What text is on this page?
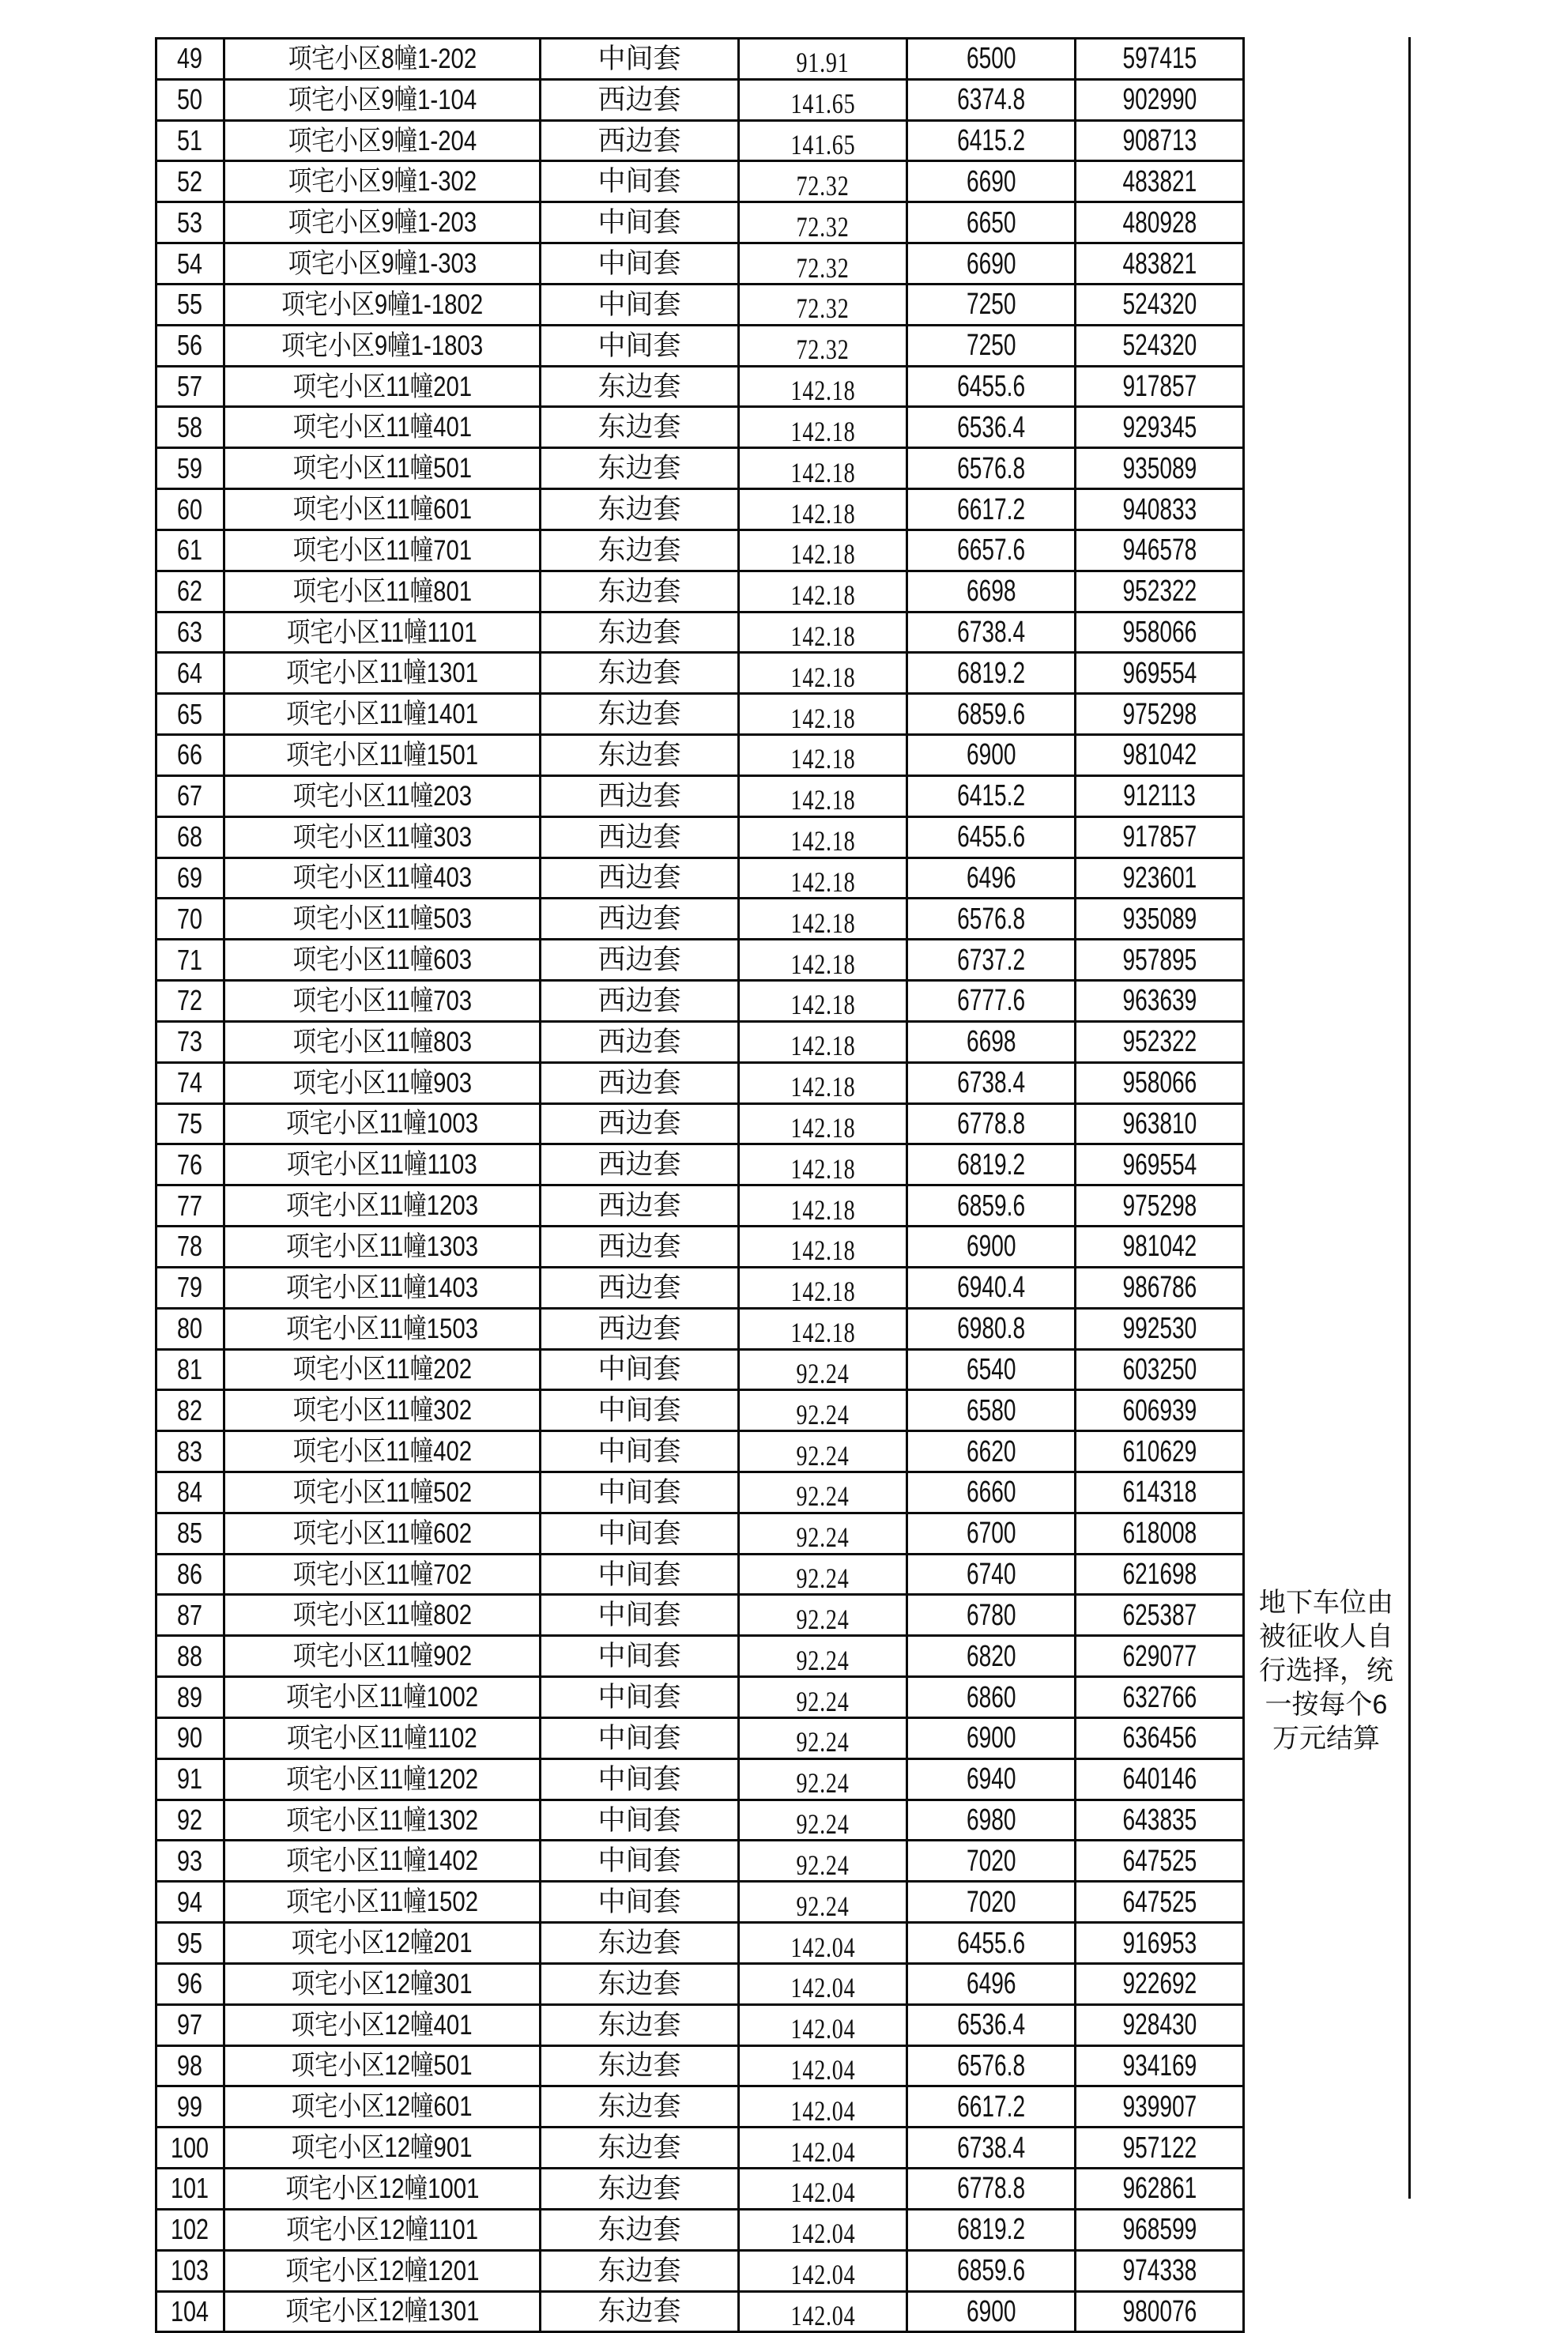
49	项宅小区8幢1-202	中间套	91.91	6500	597415
50	项宅小区9幢1-104	西边套	141.65	6374.8	902990
51	项宅小区9幢1-204	西边套	141.65	6415.2	908713
52	项宅小区9幢1-302	中间套	72.32	6690	483821
53	项宅小区9幢1-203	中间套	72.32	6650	480928
54	项宅小区9幢1-303	中间套	72.32	6690	483821
55	项宅小区9幢1-1802	中间套	72.32	7250	524320
56	项宅小区9幢1-1803	中间套	72.32	7250	524320
57	项宅小区11幢201	东边套	142.18	6455.6	917857
58	项宅小区11幢401	东边套	142.18	6536.4	929345
59	项宅小区11幢501	东边套	142.18	6576.8	935089
60	项宅小区11幢601	东边套	142.18	6617.2	940833
61	项宅小区11幢701	东边套	142.18	6657.6	946578
62	项宅小区11幢801	东边套	142.18	6698	952322
63	项宅小区11幢1101	东边套	142.18	6738.4	958066
64	项宅小区11幢1301	东边套	142.18	6819.2	969554
65	项宅小区11幢1401	东边套	142.18	6859.6	975298
66	项宅小区11幢1501	东边套	142.18	6900	981042
67	项宅小区11幢203	西边套	142.18	6415.2	912113
68	项宅小区11幢303	西边套	142.18	6455.6	917857
69	项宅小区11幢403	西边套	142.18	6496	923601
70	项宅小区11幢503	西边套	142.18	6576.8	935089
71	项宅小区11幢603	西边套	142.18	6737.2	957895
72	项宅小区11幢703	西边套	142.18	6777.6	963639
73	项宅小区11幢803	西边套	142.18	6698	952322
74	项宅小区11幢903	西边套	142.18	6738.4	958066
75	项宅小区11幢1003	西边套	142.18	6778.8	963810
76	项宅小区11幢1103	西边套	142.18	6819.2	969554
77	项宅小区11幢1203	西边套	142.18	6859.6	975298
78	项宅小区11幢1303	西边套	142.18	6900	981042
79	项宅小区11幢1403	西边套	142.18	6940.4	986786
80	项宅小区11幢1503	西边套	142.18	6980.8	992530
81	项宅小区11幢202	中间套	92.24	6540	603250
82	项宅小区11幢302	中间套	92.24	6580	606939
83	项宅小区11幢402	中间套	92.24	6620	610629
84	项宅小区11幢502	中间套	92.24	6660	614318
85	项宅小区11幢602	中间套	92.24	6700	618008
86	项宅小区11幢702	中间套	92.24	6740	621698
87	项宅小区11幢802	中间套	92.24	6780	625387
88	项宅小区11幢902	中间套	92.24	6820	629077
89	项宅小区11幢1002	中间套	92.24	6860	632766
90	项宅小区11幢1102	中间套	92.24	6900	636456
91	项宅小区11幢1202	中间套	92.24	6940	640146
92	项宅小区11幢1302	中间套	92.24	6980	643835
93	项宅小区11幢1402	中间套	92.24	7020	647525
94	项宅小区11幢1502	中间套	92.24	7020	647525
95	项宅小区12幢201	东边套	142.04	6455.6	916953
96	项宅小区12幢301	东边套	142.04	6496	922692
97	项宅小区12幢401	东边套	142.04	6536.4	928430
98	项宅小区12幢501	东边套	142.04	6576.8	934169
99	项宅小区12幢601	东边套	142.04	6617.2	939907
100	项宅小区12幢901	东边套	142.04	6738.4	957122
101	项宅小区12幢1001	东边套	142.04	6778.8	962861
102	项宅小区12幢1101	东边套	142.04	6819.2	968599
103	项宅小区12幢1201	东边套	142.04	6859.6	974338
104	项宅小区12幢1301	东边套	142.04	6900	980076
地下车位由
被征收人自
行选择，统
一按每个6
万元结算
